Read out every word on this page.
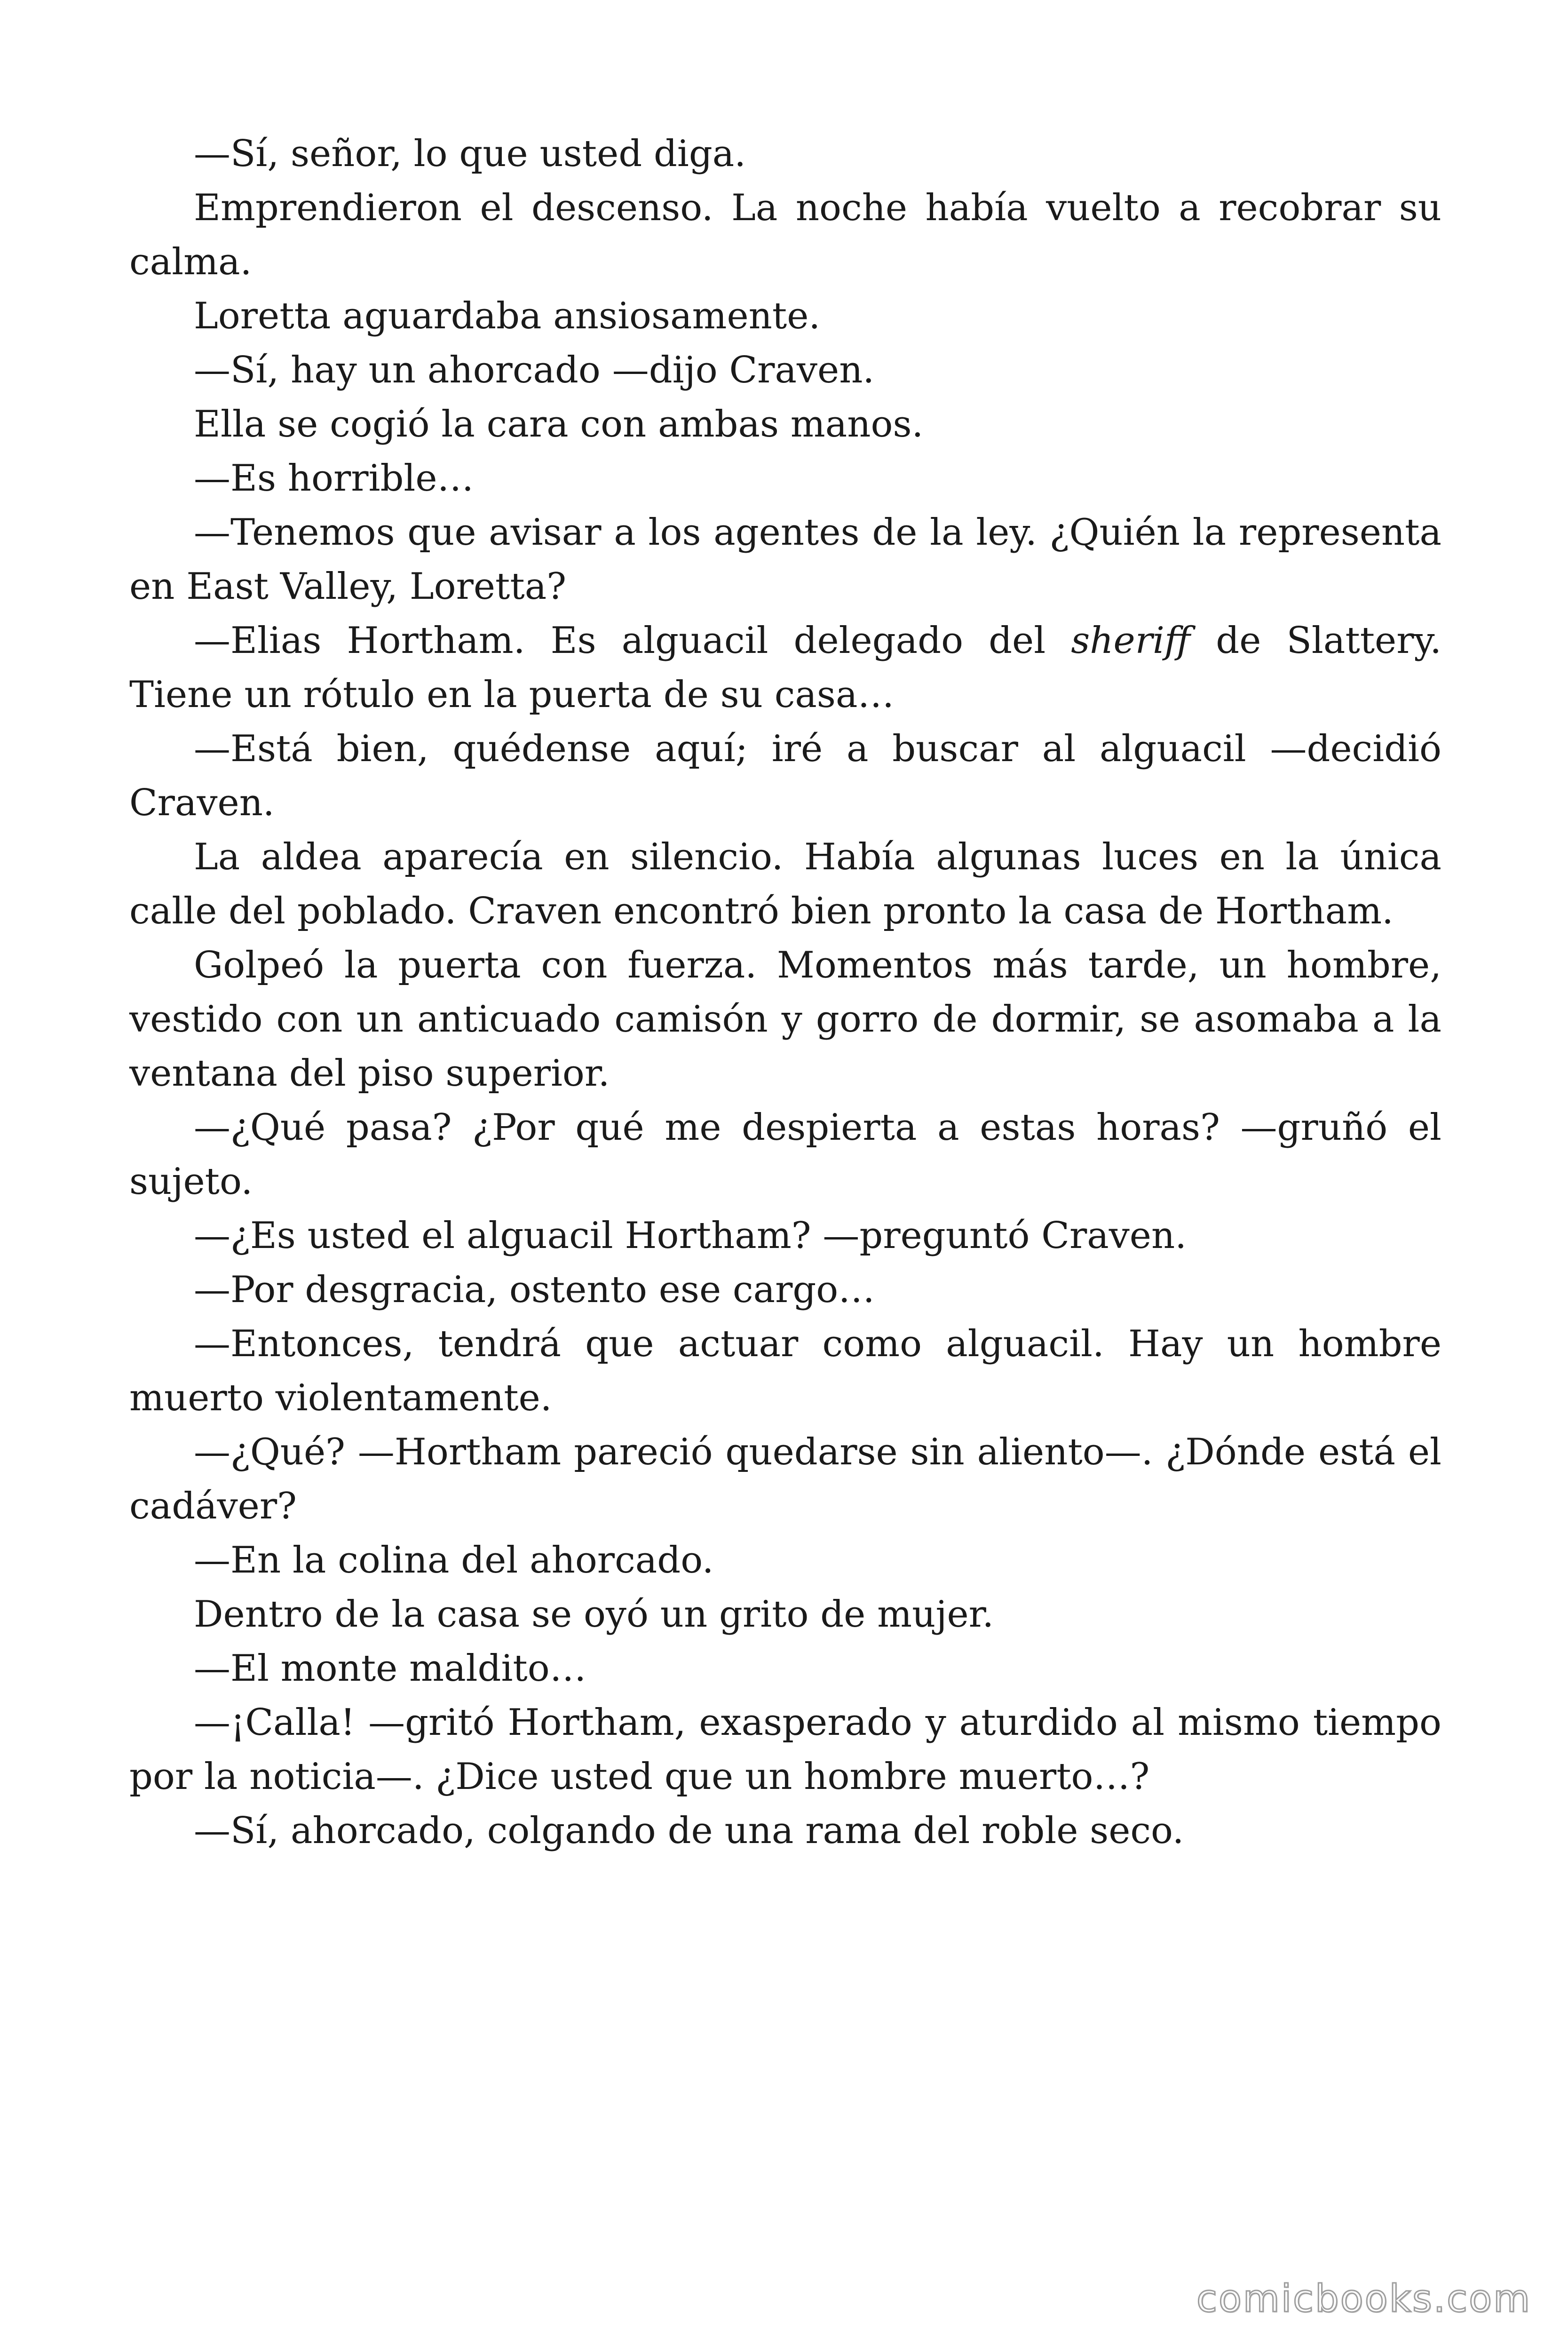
—Sí, señor, lo que usted diga.

Emprendieron el descenso. La noche había vuelto a recobrar su calma.

Loretta aguardaba ansiosamente.

—Sí, hay un ahorcado —dijo Craven.

Ella se cogió la cara con ambas manos.

—Es horrible…

—Tenemos que avisar a los agentes de la ley. ¿Quién la representa en East Valley, Loretta?

—Elias Hortham. Es alguacil delegado del sheriff de Slattery. Tiene un rótulo en la puerta de su casa…

—Está bien, quédense aquí; iré a buscar al alguacil —decidió Craven.

La aldea aparecía en silencio. Había algunas luces en la única calle del poblado. Craven encontró bien pronto la casa de Hortham.

Golpeó la puerta con fuerza. Momentos más tarde, un hombre, vestido con un anticuado camisón y gorro de dormir, se asomaba a la ventana del piso superior.

—¿Qué pasa? ¿Por qué me despierta a estas horas? —gruñó el sujeto.

—¿Es usted el alguacil Hortham? —preguntó Craven.

—Por desgracia, ostento ese cargo…

—Entonces, tendrá que actuar como alguacil. Hay un hombre muerto violentamente.

—¿Qué? —Hortham pareció quedarse sin aliento—. ¿Dónde está el cadáver?

—En la colina del ahorcado.

Dentro de la casa se oyó un grito de mujer.

—El monte maldito…

—¡Calla! —gritó Hortham, exasperado y aturdido al mismo tiempo por la noticia—. ¿Dice usted que un hombre muerto…?

—Sí, ahorcado, colgando de una rama del roble seco.

comicbooks.com
